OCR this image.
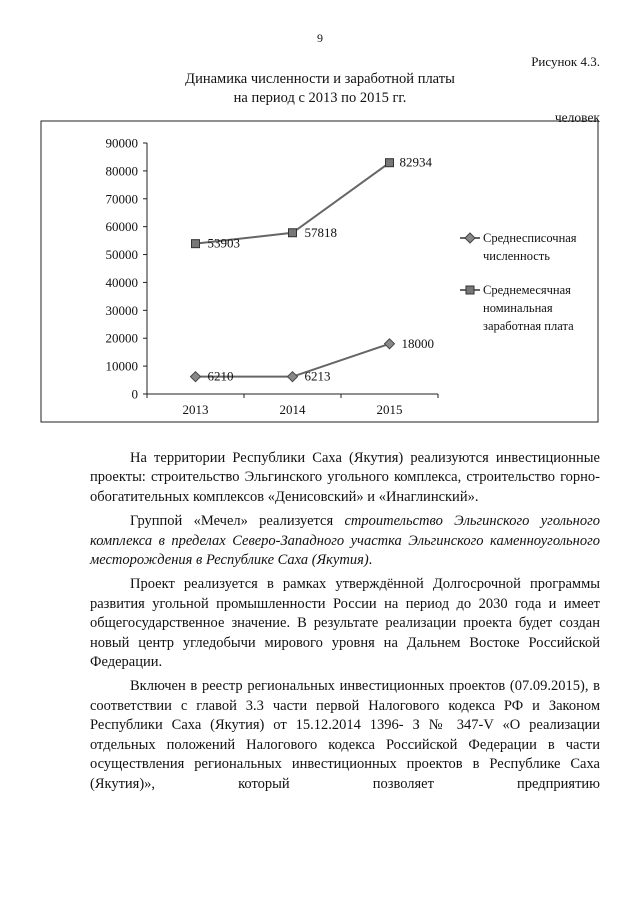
9
Рисунок 4.3.
Динамика численности и заработной платы
на период с 2013 по 2015 гг.
человек
0
10000
20000
30000
40000
50000
60000
70000
80000
90000
2013	2014	2015
6210	6213
18000
53903
57818
82934
Среднесписочная
численность
Среднемесячная
номинальная
заработная плата

На территории Республики Саха (Якутия) реализуются инвестиционные проекты: строительство Эльгинского угольного комплекса, строительство горно-обогатительных комплексов «Денисовский» и «Инаглинский».

Группой «Мечел» реализуется строительство Эльгинского угольного комплекса в пределах Северо-Западного участка Эльгинского каменноугольного месторождения в Республике Саха (Якутия).

Проект реализуется в рамках утверждённой Долгосрочной программы развития угольной промышленности России на период до 2030 года и имеет общегосударственное значение. В результате реализации проекта будет создан новый центр угледобычи мирового уровня на Дальнем Востоке Российской Федерации.

Включен в реестр региональных инвестиционных проектов (07.09.2015), в соответствии с главой 3.3 части первой Налогового кодекса РФ и Законом Республики Саха (Якутия) от 15.12.2014 1396- З № 347-V «О реализации отдельных положений Налогового кодекса Российской Федерации в части осуществления региональных инвестиционных проектов в Республике Саха (Якутия)», который позволяет предприятию
